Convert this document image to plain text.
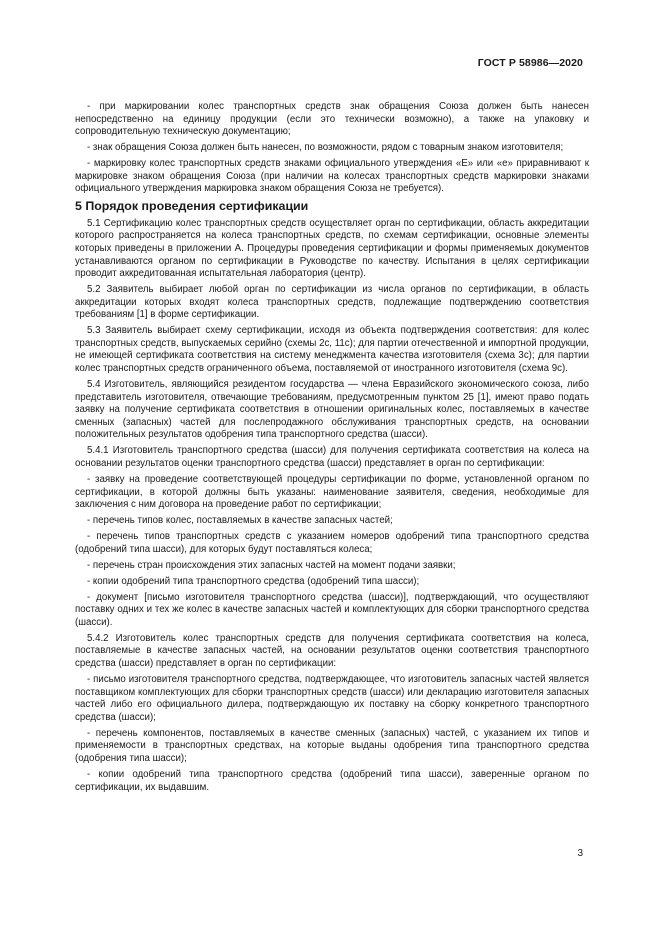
ГОСТ Р 58986—2020

- при маркировании колес транспортных средств знак обращения Союза должен быть нанесен непосредственно на единицу продукции (если это технически возможно), а также на упаковку и сопроводительную техническую документацию;

- знак обращения Союза должен быть нанесен, по возможности, рядом с товарным знаком изготовителя;

- маркировку колес транспортных средств знаками официального утверждения «Е» или «е» приравнивают к маркировке знаком обращения Союза (при наличии на колесах транспортных средств маркировки знаками официального утверждения маркировка знаком обращения Союза не требуется).

5 Порядок проведения сертификации

5.1 Сертификацию колес транспортных средств осуществляет орган по сертификации, область аккредитации которого распространяется на колеса транспортных средств, по схемам сертификации, основные элементы которых приведены в приложении А. Процедуры проведения сертификации и формы применяемых документов устанавливаются органом по сертификации в Руководстве по качеству. Испытания в целях сертификации проводит аккредитованная испытательная лаборатория (центр).

5.2 Заявитель выбирает любой орган по сертификации из числа органов по сертификации, в область аккредитации которых входят колеса транспортных средств, подлежащие подтверждению соответствия требованиям [1] в форме сертификации.

5.3 Заявитель выбирает схему сертификации, исходя из объекта подтверждения соответствия: для колес транспортных средств, выпускаемых серийно (схемы 2с, 11с); для партии отечественной и импортной продукции, не имеющей сертификата соответствия на систему менеджмента качества изготовителя (схема 3с); для партии колес транспортных средств ограниченного объема, поставляемой от иностранного изготовителя (схема 9с).

5.4 Изготовитель, являющийся резидентом государства — члена Евразийского экономического союза, либо представитель изготовителя, отвечающие требованиям, предусмотренным пунктом 25 [1], имеют право подать заявку на получение сертификата соответствия в отношении оригинальных колес, поставляемых в качестве сменных (запасных) частей для послепродажного обслуживания транспортных средств, на основании положительных результатов одобрения типа транспортного средства (шасси).

5.4.1 Изготовитель транспортного средства (шасси) для получения сертификата соответствия на колеса на основании результатов оценки транспортного средства (шасси) представляет в орган по сертификации:

- заявку на проведение соответствующей процедуры сертификации по форме, установленной органом по сертификации, в которой должны быть указаны: наименование заявителя, сведения, необходимые для заключения с ним договора на проведение работ по сертификации;

- перечень типов колес, поставляемых в качестве запасных частей;

- перечень типов транспортных средств с указанием номеров одобрений типа транспортного средства (одобрений типа шасси), для которых будут поставляться колеса;

- перечень стран происхождения этих запасных частей на момент подачи заявки;

- копии одобрений типа транспортного средства (одобрений типа шасси);

- документ [письмо изготовителя транспортного средства (шасси)], подтверждающий, что осуществляют поставку одних и тех же колес в качестве запасных частей и комплектующих для сборки транспортного средства (шасси).

5.4.2 Изготовитель колес транспортных средств для получения сертификата соответствия на колеса, поставляемые в качестве запасных частей, на основании результатов оценки соответствия транспортного средства (шасси) представляет в орган по сертификации:

- письмо изготовителя транспортного средства, подтверждающее, что изготовитель запасных частей является поставщиком комплектующих для сборки транспортных средств (шасси) или декларацию изготовителя запасных частей либо его официального дилера, подтверждающую их поставку на сборку конкретного транспортного средства (шасси);

- перечень компонентов, поставляемых в качестве сменных (запасных) частей, с указанием их типов и применяемости в транспортных средствах, на которые выданы одобрения типа транспортного средства (одобрения типа шасси);

- копии одобрений типа транспортного средства (одобрений типа шасси), заверенные органом по сертификации, их выдавшим.

3
